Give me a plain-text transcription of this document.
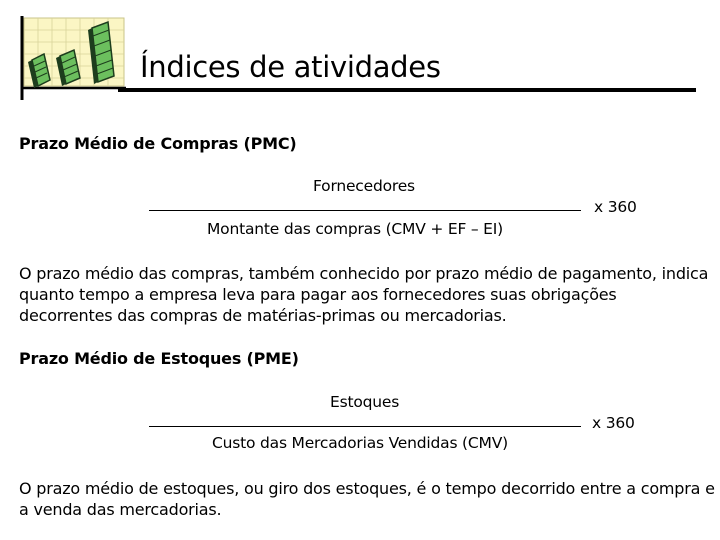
Índices de atividades
Prazo Médio de Compras (PMC)
Fornecedores
x 360
Montante das compras (CMV + EF – EI)
O prazo médio das compras, também conhecido por prazo médio de pagamento, indica quanto tempo a empresa leva para pagar aos fornecedores suas obrigações decorrentes das compras de matérias-primas ou mercadorias.
Prazo Médio de Estoques (PME)
Estoques
x 360
Custo das Mercadorias Vendidas (CMV)
O prazo médio de estoques, ou giro dos estoques, é o tempo decorrido entre a compra e a venda das mercadorias.
